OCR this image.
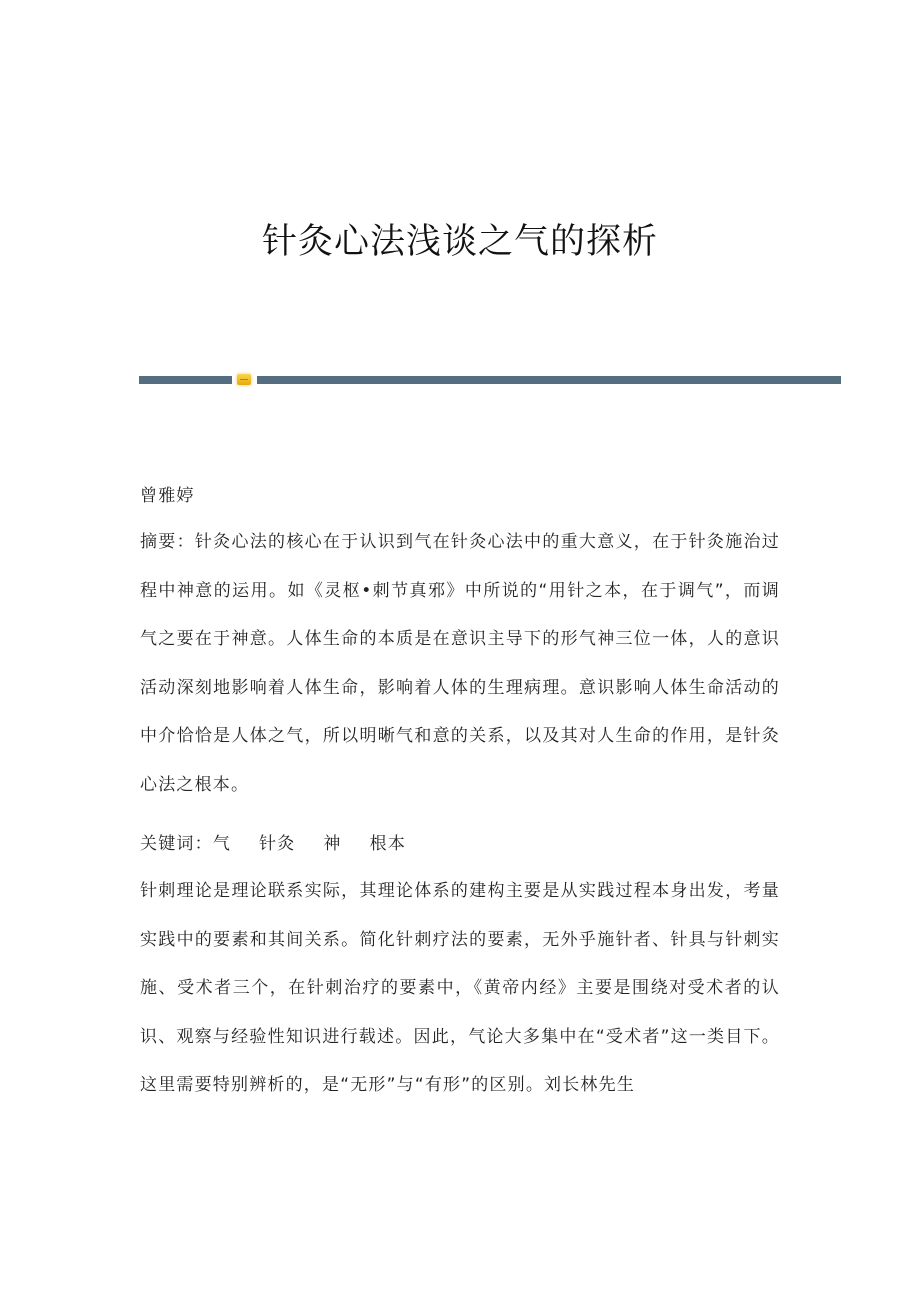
针灸心法浅谈之气的探析

曾雅婷

摘要：针灸心法的核心在于认识到气在针灸心法中的重大意义，在于针灸施治过程中神意的运用。如《灵枢•刺节真邪》中所说的“用针之本，在于调气”，而调气之要在于神意。人体生命的本质是在意识主导下的形气神三位一体，人的意识活动深刻地影响着人体生命，影响着人体的生理病理。意识影响人体生命活动的中介恰恰是人体之气，所以明晰气和意的关系，以及其对人生命的作用，是针灸心法之根本。

关键词：气 针灸 神 根本

针刺理论是理论联系实际，其理论体系的建构主要是从实践过程本身出发，考量实践中的要素和其间关系。简化针刺疗法的要素，无外乎施针者、针具与针刺实施、受术者三个，在针刺治疗的要素中，《黄帝内经》主要是围绕对受术者的认识、观察与经验性知识进行载述。因此，气论大多集中在“受术者”这一类目下。这里需要特别辨析的，是“无形”与“有形”的区别。刘长林先生
